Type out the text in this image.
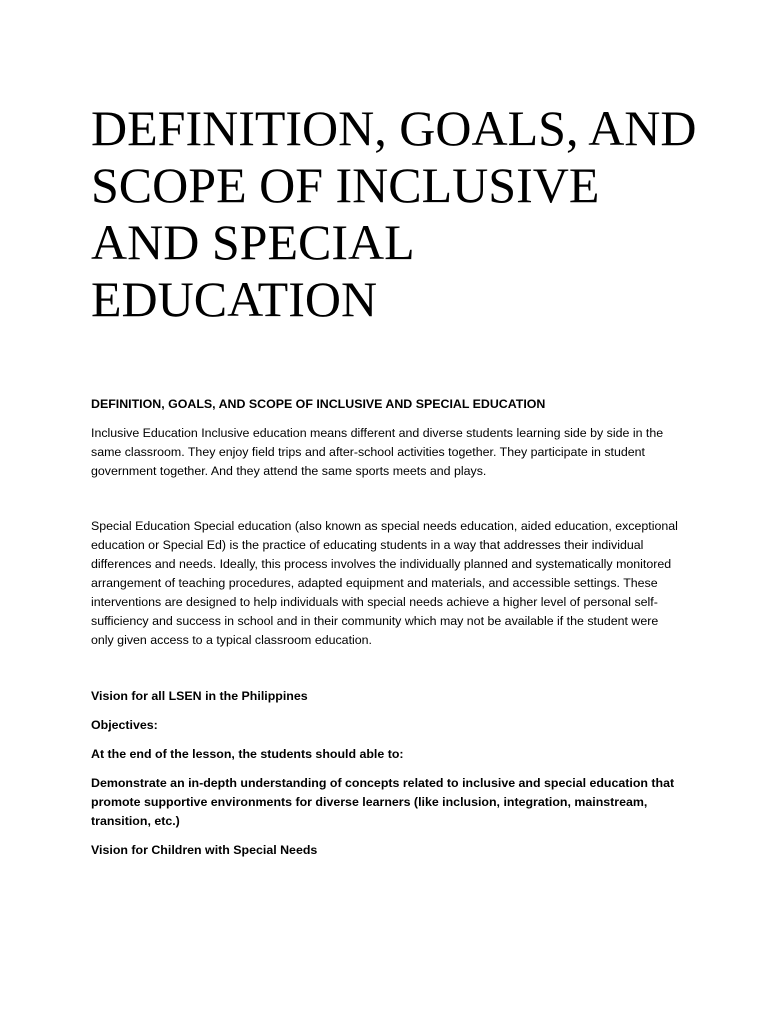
DEFINITION, GOALS, AND SCOPE OF INCLUSIVE AND SPECIAL EDUCATION

DEFINITION, GOALS, AND SCOPE OF INCLUSIVE AND SPECIAL EDUCATION

Inclusive Education Inclusive education means different and diverse students learning side by side in the same classroom. They enjoy field trips and after-school activities together. They participate in student government together. And they attend the same sports meets and plays.

Special Education Special education (also known as special needs education, aided education, exceptional education or Special Ed) is the practice of educating students in a way that addresses their individual differences and needs. Ideally, this process involves the individually planned and systematically monitored arrangement of teaching procedures, adapted equipment and materials, and accessible settings. These interventions are designed to help individuals with special needs achieve a higher level of personal self-sufficiency and success in school and in their community which may not be available if the student were only given access to a typical classroom education.

Vision for all LSEN in the Philippines

Objectives:

At the end of the lesson, the students should able to:

Demonstrate an in-depth understanding of concepts related to inclusive and special education that promote supportive environments for diverse learners (like inclusion, integration, mainstream, transition, etc.)

Vision for Children with Special Needs
